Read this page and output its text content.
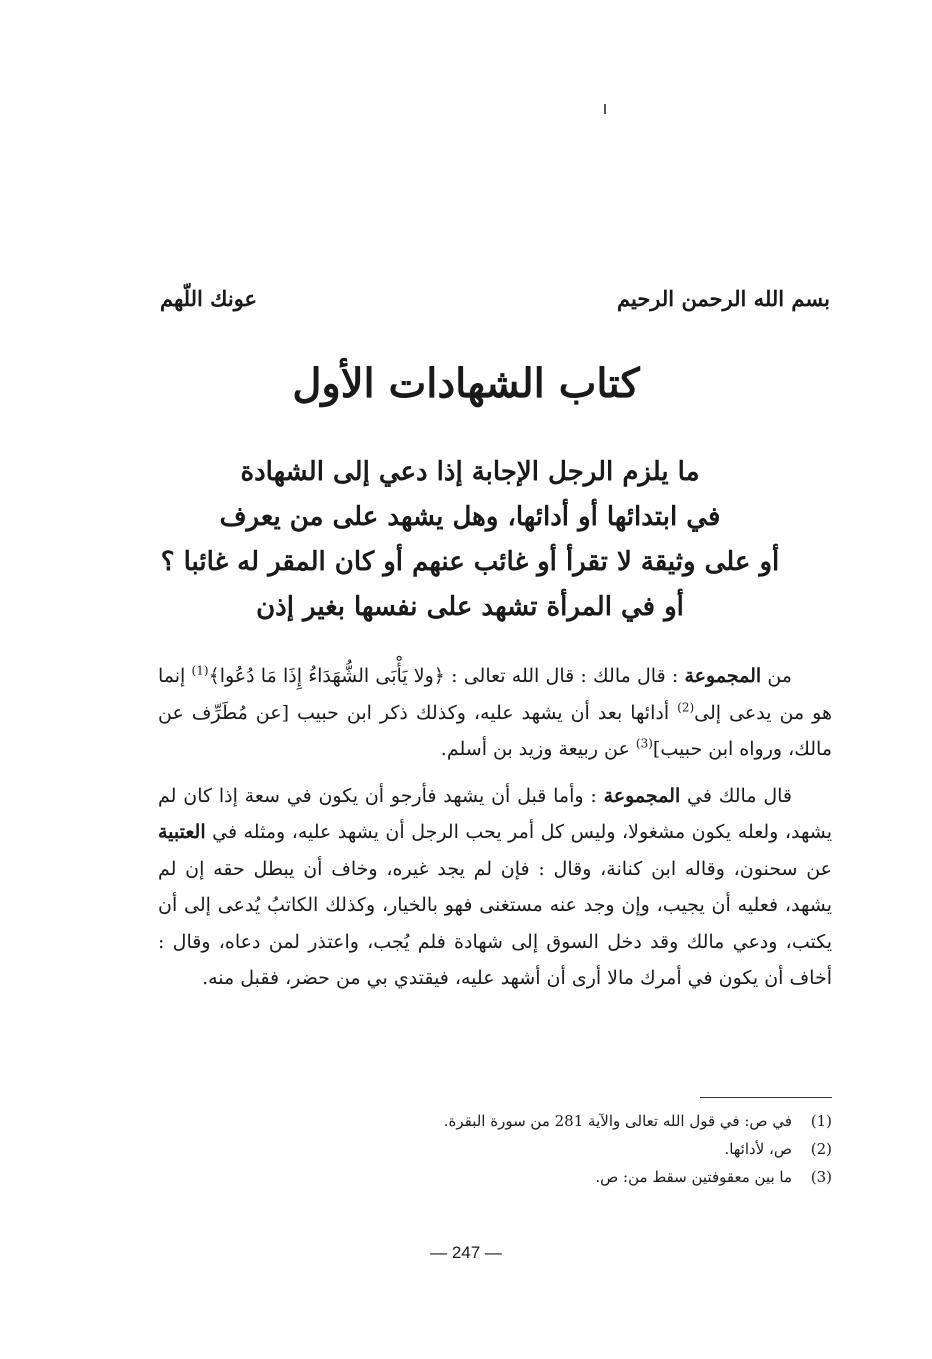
بسم الله الرحمن الرحيم
عونك اللّهم
كتاب الشهادات الأول
ما يلزم الرجل الإجابة إذا دعي إلى الشهادة
في ابتدائها أو أدائها، وهل يشهد على من يعرف
أو على وثيقة لا تقرأ أو غائب عنهم أو كان المقر له غائبا ؟
أو في المرأة تشهد على نفسها بغير إذن

من المجموعة : قال مالك : قال الله تعالى : ﴿ولا يَأْبَى الشُّهَدَاءُ إِذَا مَا دُعُوا﴾$^{(1)}$ إنما هو من يدعى إلى$^{(2)}$ أدائها بعد أن يشهد عليه، وكذلك ذكر ابن حبيب [عن مُطَرِّف عن مالك، ورواه ابن حبيب]$^{(3)}$ عن ربيعة وزيد بن أسلم.

قال مالك في المجموعة : وأما قبل أن يشهد فأرجو أن يكون في سعة إذا كان لم يشهد، ولعله يكون مشغولا، وليس كل أمر يحب الرجل أن يشهد عليه، ومثله في العتبية عن سحنون، وقاله ابن كنانة، وقال : فإن لم يجد غيره، وخاف أن يبطل حقه إن لم يشهد، فعليه أن يجيب، وإن وجد عنه مستغنى فهو بالخيار، وكذلك الكاتبُ يُدعى إلى أن يكتب، ودعي مالك وقد دخل السوق إلى شهادة فلم يُجب، واعتذر لمن دعاه، وقال : أخاف أن يكون في أمرك مالا أرى أن أشهد عليه، فيقتدي بي من حضر، فقبل منه.

(1)في ص: في قول الله تعالى والآية 281 من سورة البقرة.
(2)ص، لأدائها.
(3)ما بين معقوفتين سقط من: ص.
— 247 —
